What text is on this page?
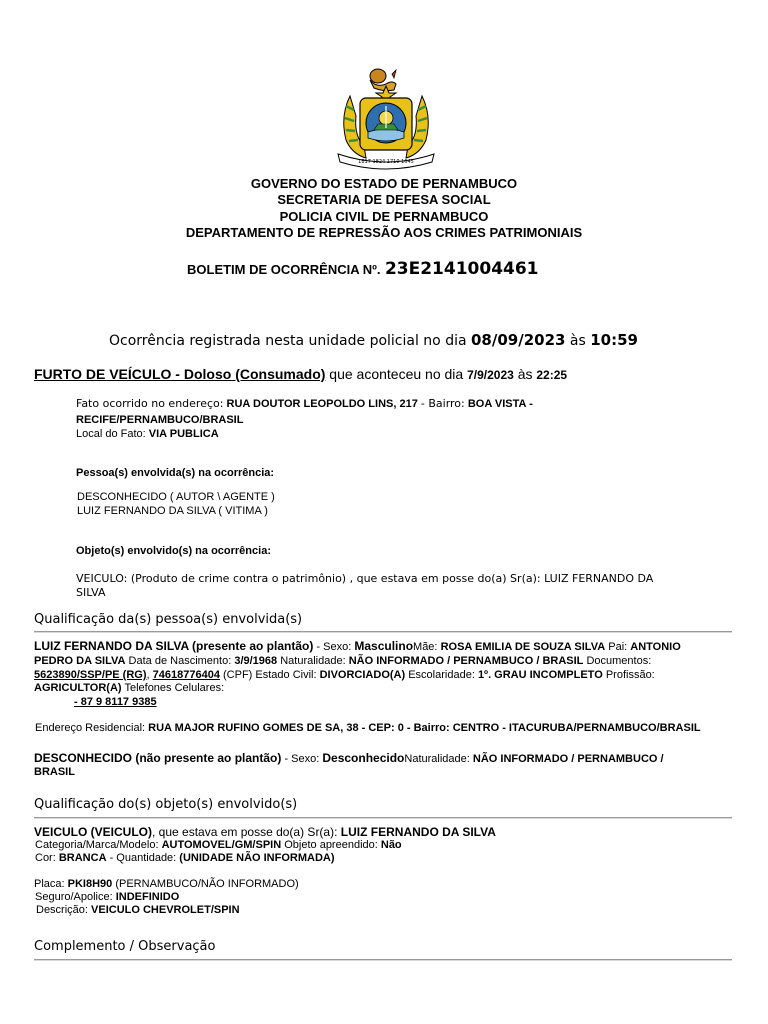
1817 1824 1710 1645
GOVERNO DO ESTADO DE PERNAMBUCO
SECRETARIA DE DEFESA SOCIAL
POLICIA CIVIL DE PERNAMBUCO
DEPARTAMENTO DE REPRESSÃO AOS CRIMES PATRIMONIAIS
BOLETIM DE OCORRÊNCIA Nº. 23E2141004461
Ocorrência registrada nesta unidade policial no dia 08/09/2023 às 10:59
FURTO DE VEÍCULO - Doloso (Consumado) que aconteceu no dia 7/9/2023 às 22:25

Fato ocorrido no endereço: RUA DOUTOR LEOPOLDO LINS, 217 - Bairro: BOA VISTA -

RECIFE/PERNAMBUCO/BRASIL

Local do Fato: VIA PUBLICA

Pessoa(s) envolvida(s) na ocorrência:
DESCONHECIDO ( AUTOR \ AGENTE )
LUIZ FERNANDO DA SILVA ( VITIMA )
Objeto(s) envolvido(s) na ocorrência:
VEICULO: (Produto de crime contra o patrimônio) , que estava em posse do(a) Sr(a): LUIZ FERNANDO DA
SILVA
Qualificação da(s) pessoa(s) envolvida(s)

LUIZ FERNANDO DA SILVA (presente ao plantão) - Sexo: MasculinoMãe: ROSA EMILIA DE SOUZA SILVA Pai: ANTONIO

PEDRO DA SILVA Data de Nascimento: 3/9/1968 Naturalidade: NÃO INFORMADO / PERNAMBUCO / BRASIL Documentos:

5623890/SSP/PE (RG), 74618776404 (CPF) Estado Civil: DIVORCIADO(A) Escolaridade: 1º. GRAU INCOMPLETO Profissão:

AGRICULTOR(A) Telefones Celulares:

- 87 9 8117 9385

Endereço Residencial: RUA MAJOR RUFINO GOMES DE SA, 38 - CEP: 0 - Bairro: CENTRO - ITACURUBA/PERNAMBUCO/BRASIL

DESCONHECIDO (não presente ao plantão) - Sexo: DesconhecidoNaturalidade: NÃO INFORMADO / PERNAMBUCO /

BRASIL

Qualificação do(s) objeto(s) envolvido(s)

VEICULO (VEICULO), que estava em posse do(a) Sr(a): LUIZ FERNANDO DA SILVA

Categoria/Marca/Modelo: AUTOMOVEL/GM/SPIN Objeto apreendido: Não

Cor: BRANCA - Quantidade: (UNIDADE NÃO INFORMADA)

Placa: PKI8H90 (PERNAMBUCO/NÃO INFORMADO)

Seguro/Apolice: INDEFINIDO

Descrição: VEICULO CHEVROLET/SPIN

Complemento / Observação
